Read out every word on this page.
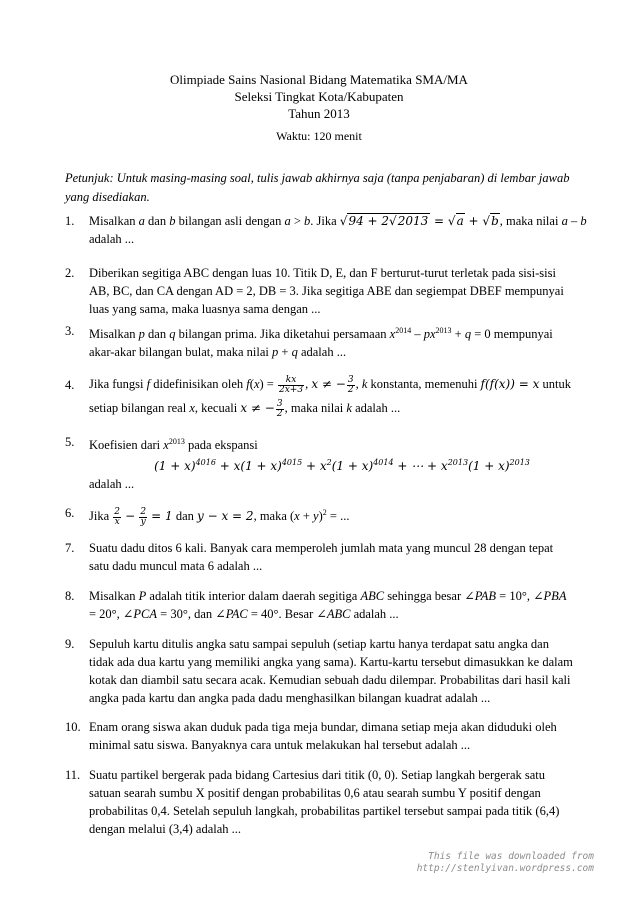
Olimpiade Sains Nasional Bidang Matematika SMA/MA
Seleksi Tingkat Kota/Kabupaten
Tahun 2013
Waktu: 120 menit
Petunjuk: Untuk masing-masing soal, tulis jawab akhirnya saja (tanpa penjabaran) di lembar jawab
yang disediakan.
1.	Misalkan a dan b bilangan asli dengan a > b. Jika √94 + 2√2013 = √a + √b, maka nilai a – b
adalah ...
2.	Diberikan segitiga ABC dengan luas 10. Titik D, E, dan F berturut-turut terletak pada sisi-sisi
AB, BC, dan CA dengan AD = 2, DB = 3. Jika segitiga ABE dan segiempat DBEF mempunyai
luas yang sama, maka luasnya sama dengan ...
3.	Misalkan p dan q bilangan prima. Jika diketahui persamaan $x^{2014} - px^{2013} + q = 0$ mempunyai
akar-akar bilangan bulat, maka nilai p + q adalah ...
4.	Jika fungsi f didefinisikan oleh $f(x) = \frac{kx}{2x+3}$ , x ≠ − $\frac{3}{2}$ , k konstanta, memenuhi f(f(x)) = x untuk
setiap bilangan real x, kecuali x ≠ − $\frac{3}{2}$ , maka nilai k adalah ...
5.	Koefisien dari $x^{2013}$ pada ekspansi
$(1 + x)^{4016} + x(1 + x)^{4015} + x^2(1 + x)^{4014}$ + ⋯ + $x^{2013}(1 + x)^{2013}$
adalah ...
6.	Jika $\frac{2}{x} - \frac{2}{y} = 1$ dan y − x = 2, maka $(x + y)^2$ = ...
7.	Suatu dadu ditos 6 kali. Banyak cara memperoleh jumlah mata yang muncul 28 dengan tepat
satu dadu muncul mata 6 adalah ...
8.	Misalkan P adalah titik interior dalam daerah segitiga ABC sehingga besar ∠PAB = 10°, ∠PBA
= 20°, ∠PCA = 30°, dan ∠PAC = 40°. Besar ∠ABC adalah ...
9.	Sepuluh kartu ditulis angka satu sampai sepuluh (setiap kartu hanya terdapat satu angka dan
tidak ada dua kartu yang memiliki angka yang sama). Kartu-kartu tersebut dimasukkan ke dalam
kotak dan diambil satu secara acak. Kemudian sebuah dadu dilempar. Probabilitas dari hasil kali
angka pada kartu dan angka pada dadu menghasilkan bilangan kuadrat adalah ...
10. Enam orang siswa akan duduk pada tiga meja bundar, dimana setiap meja akan diduduki oleh
minimal satu siswa. Banyaknya cara untuk melakukan hal tersebut adalah ...
11. Suatu partikel bergerak pada bidang Cartesius dari titik (0, 0). Setiap langkah bergerak satu
satuan searah sumbu X positif dengan probabilitas 0,6 atau searah sumbu Y positif dengan
probabilitas 0,4. Setelah sepuluh langkah, probabilitas partikel tersebut sampai pada titik (6,4)
dengan melalui (3,4) adalah ...
This file was downloaded from
http://stenlyivan.wordpress.com
